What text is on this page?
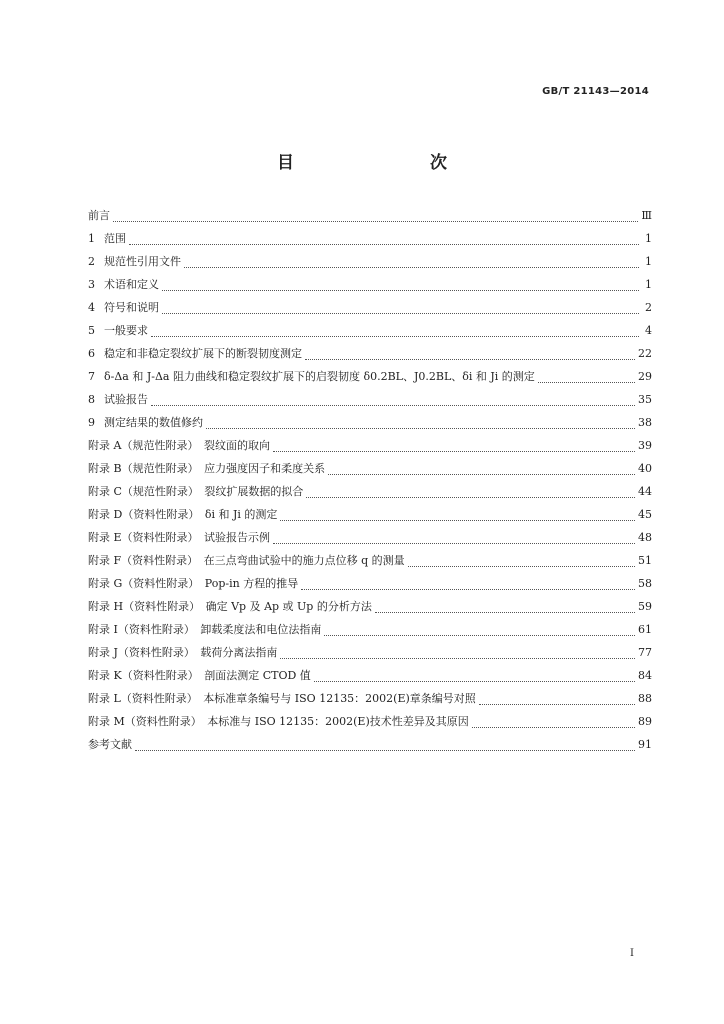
GB/T 21143—2014
目　　次
前言	Ⅲ
1 范围	1
2 规范性引用文件	1
3 术语和定义	1
4 符号和说明	2
5 一般要求	4
6 稳定和非稳定裂纹扩展下的断裂韧度测定	22
7 δ-Δa 和 J-Δa 阻力曲线和稳定裂纹扩展下的启裂韧度 δ0.2BL、J0.2BL、δi 和 Ji 的测定	29
8 试验报告	35
9 测定结果的数值修约	38
附录 A（规范性附录）　裂纹面的取向	39
附录 B（规范性附录）　应力强度因子和柔度关系	40
附录 C（规范性附录）　裂纹扩展数据的拟合	44
附录 D（资料性附录）　δi 和 Ji 的测定	45
附录 E（资料性附录）　试验报告示例	48
附录 F（资料性附录）　在三点弯曲试验中的施力点位移 q 的测量	51
附录 G（资料性附录）　Pop-in 方程的推导	58
附录 H（资料性附录）　确定 Vp 及 Ap 或 Up 的分析方法	59
附录 I（资料性附录）　卸载柔度法和电位法指南	61
附录 J（资料性附录）　载荷分离法指南	77
附录 K（资料性附录）　剖面法测定 CTOD 值	84
附录 L（资料性附录）　本标准章条编号与 ISO 12135：2002(E)章条编号对照	88
附录 M（资料性附录）　本标准与 ISO 12135：2002(E)技术性差异及其原因	89
参考文献	91
I
